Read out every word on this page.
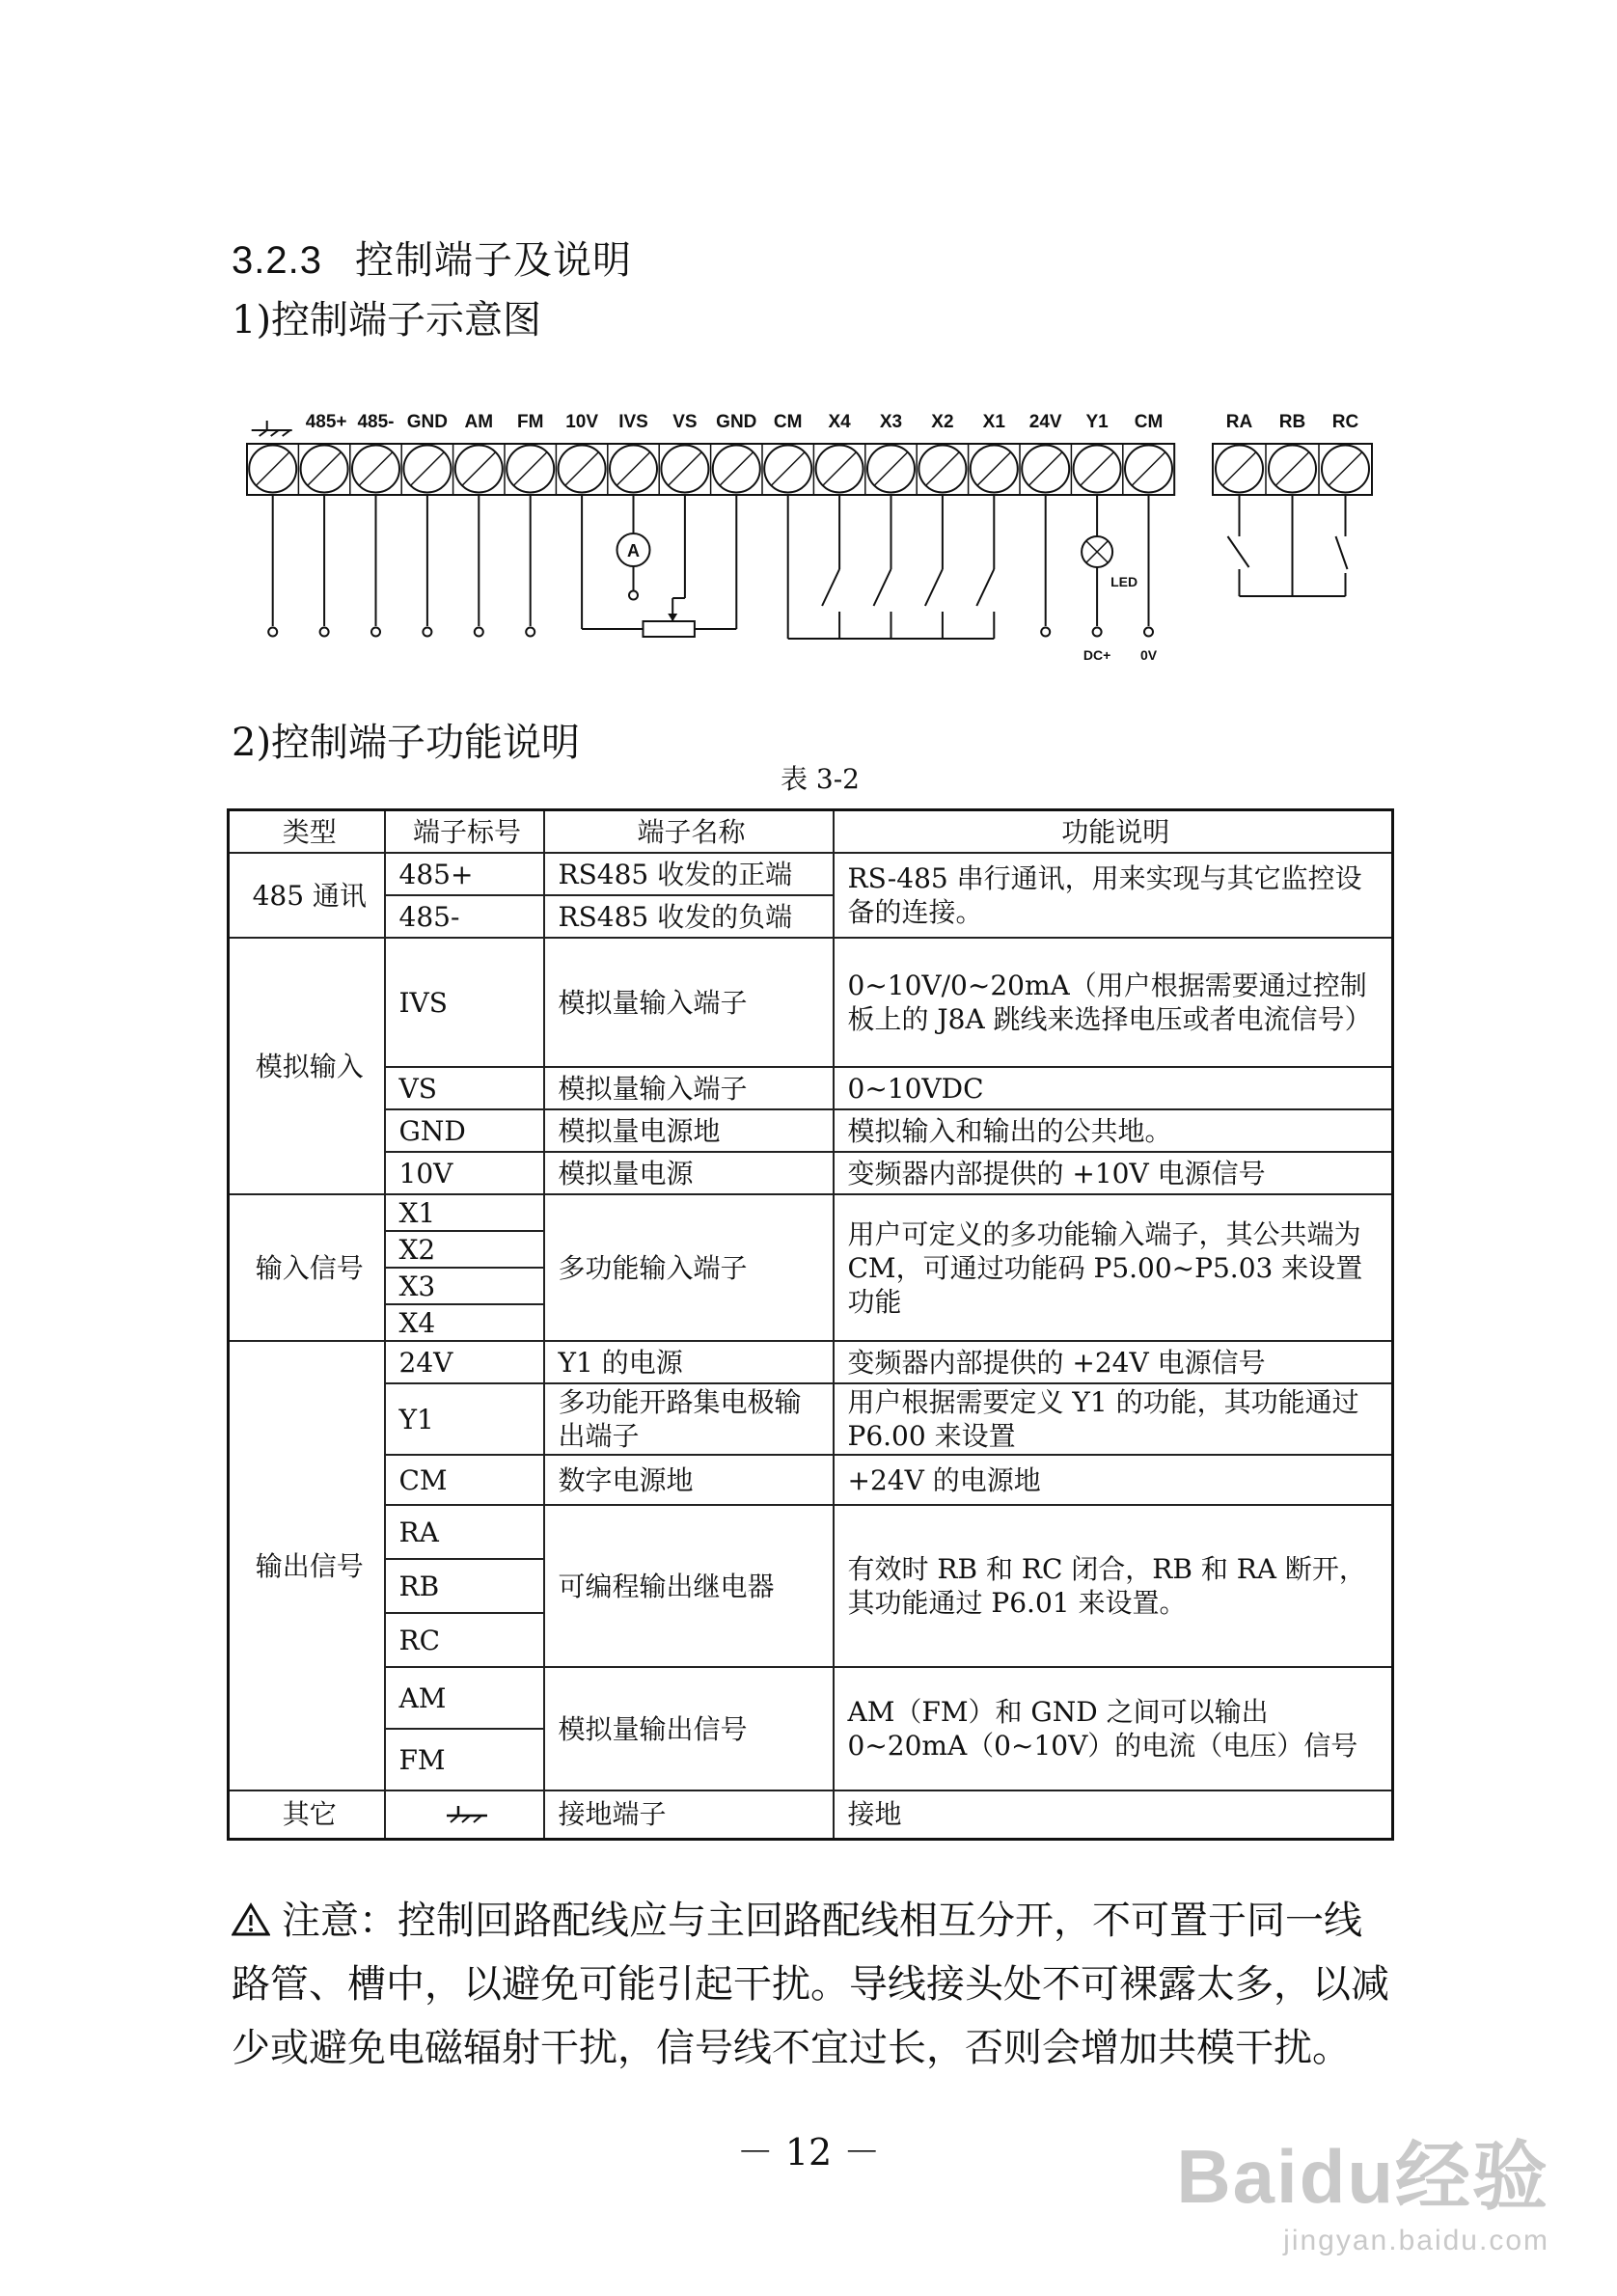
3.2.3 控制端子及说明
1)控制端子示意图
485+ 485- GND AM FM 10V IVS VS GND CM X4 X3 X2 X1 24V Y1 CM
A
LED
DC+ 0V
RA RB RC
2)控制端子功能说明
表 3-2
类型	端子标号	端子名称	功能说明
485 通讯	485+	RS485 收发的正端	RS-485 串行通讯，用来实现与其它监控设备的连接。
	485-	RS485 收发的负端	
模拟输入	IVS	模拟量输入端子	0~10V/0~20mA（用户根据需要通过控制板上的 J8A 跳线来选择电压或者电流信号）
	VS	模拟量输入端子	0~10VDC
	GND	模拟量电源地	模拟输入和输出的公共地。
	10V	模拟量电源	变频器内部提供的 +10V 电源信号
输入信号	X1	多功能输入端子	用户可定义的多功能输入端子，其公共端为 CM，可通过功能码 P5.00~P5.03 来设置功能
	X2		
	X3		
	X4		
输出信号	24V	Y1 的电源	变频器内部提供的 +24V 电源信号
	Y1	多功能开路集电极输出端子	用户根据需要定义 Y1 的功能，其功能通过 P6.00 来设置
	CM	数字电源地	+24V 的电源地
	RA	可编程输出继电器	有效时 RB 和 RC 闭合，RB 和 RA 断开，其功能通过 P6.01 来设置。
	RB		
	RC		
	AM	模拟量输出信号	AM（FM）和 GND 之间可以输出 0~20mA（0~10V）的电流（电压）信号
	FM		
其它		接地端子	接地
注意：控制回路配线应与主回路配线相互分开，不可置于同一线路管、槽中，以避免可能引起干扰。导线接头处不可裸露太多，以减少或避免电磁辐射干扰，信号线不宜过长，否则会增加共模干扰。
－ 12 －	Baidu经验
jingyan.baidu.com
